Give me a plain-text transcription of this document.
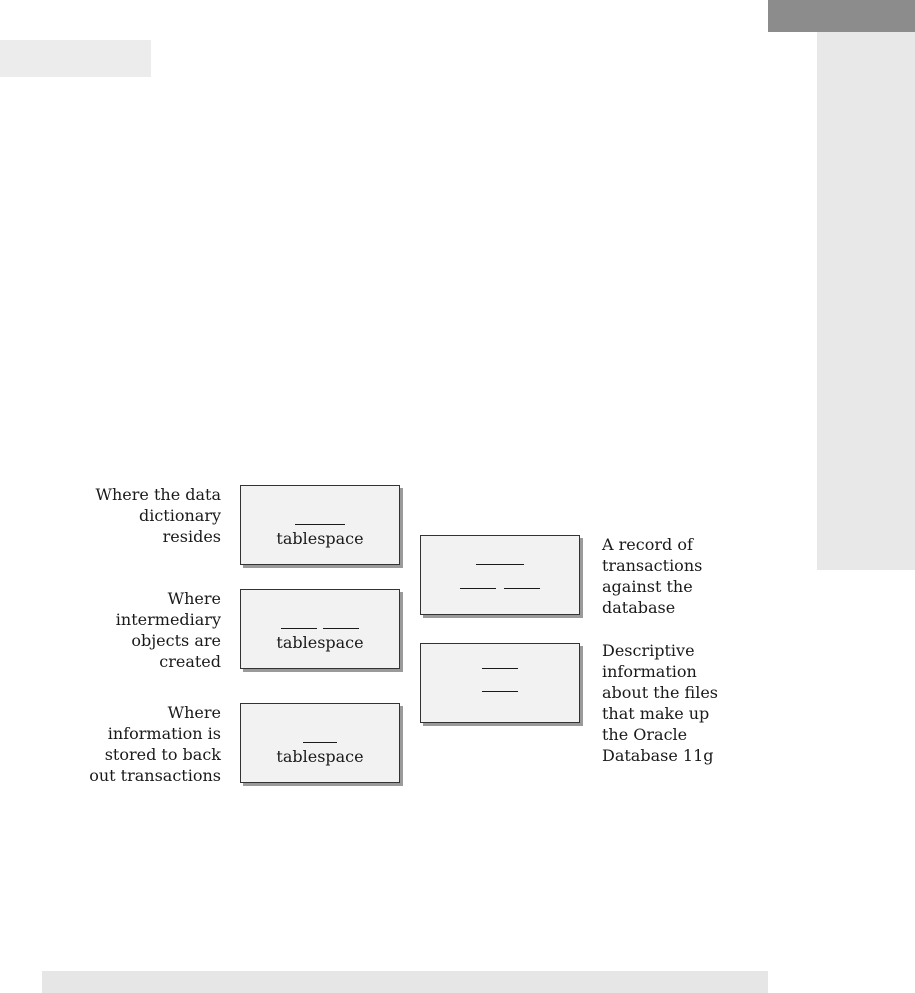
Where the data
dictionary
resides
Where
intermediary
objects are
created
Where
information is
stored to back
out transactions
A record of
transactions
against the
database
Descriptive
information
about the files
that make up
the Oracle
Database 11g
tablespace
tablespace
tablespace
